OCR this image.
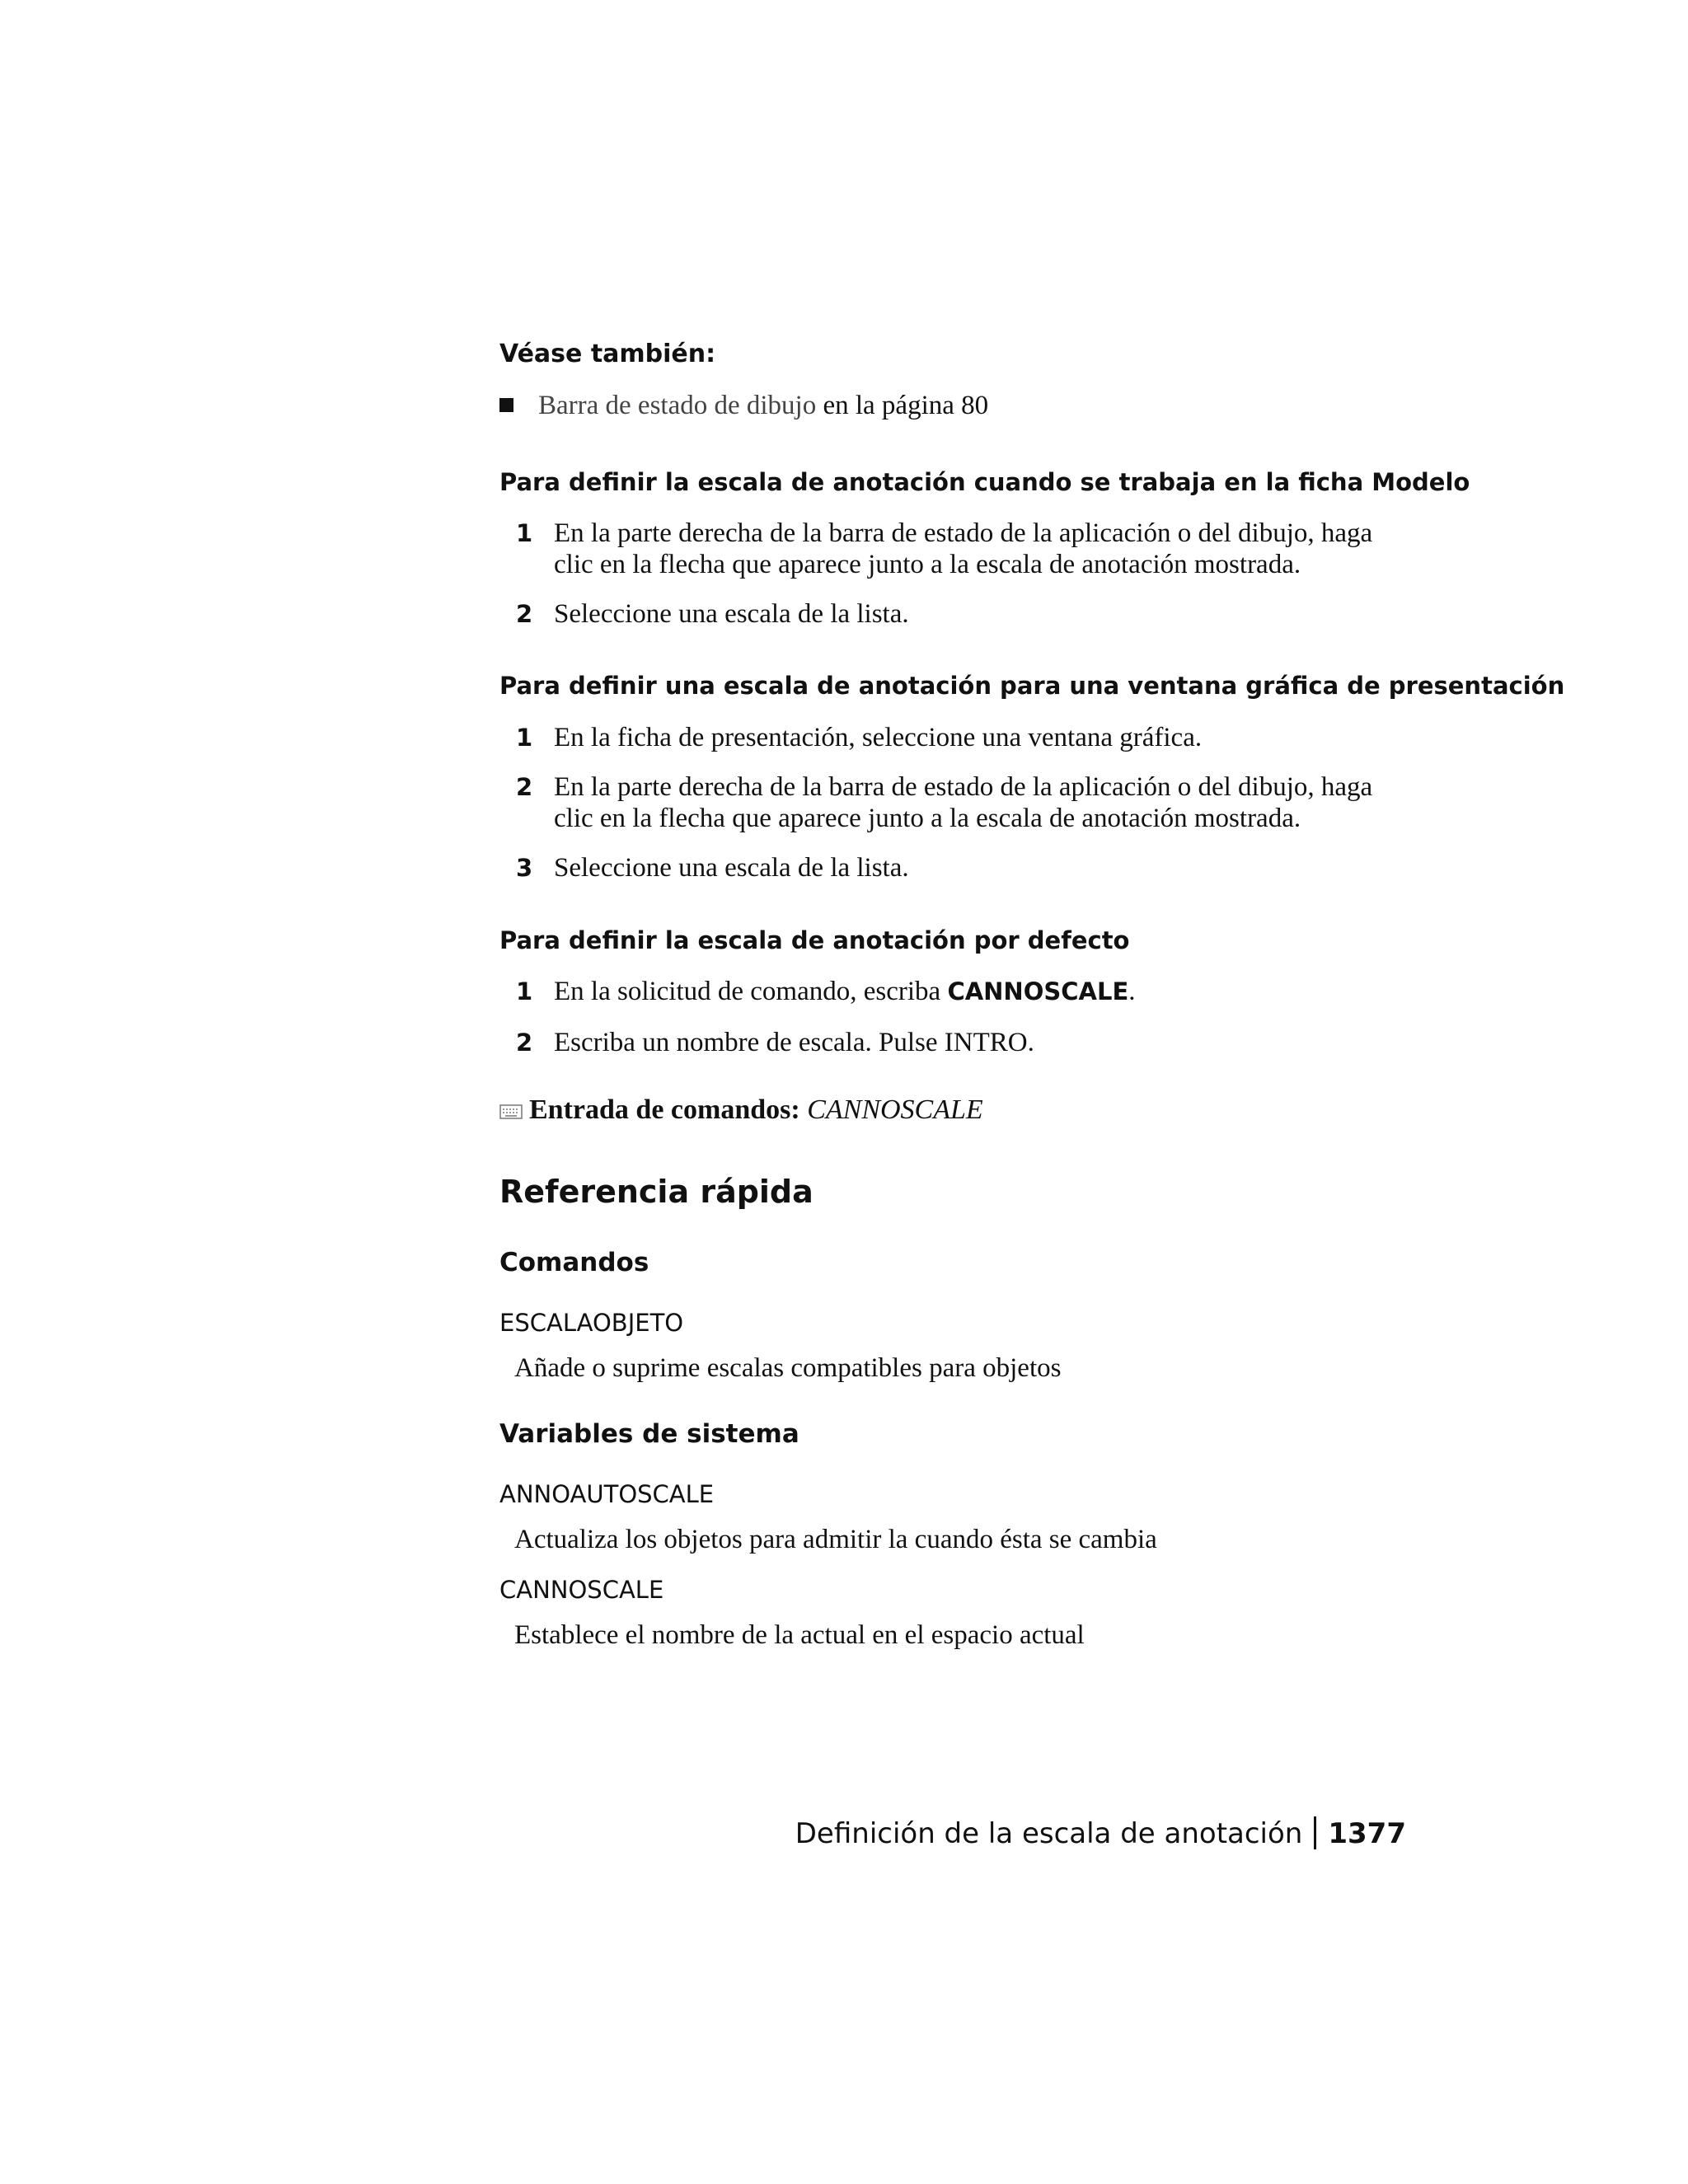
Véase también:
Barra de estado de dibujo en la página 80
Para definir la escala de anotación cuando se trabaja en la ficha Modelo
1 En la parte derecha de la barra de estado de la aplicación o del dibujo, haga clic en la flecha que aparece junto a la escala de anotación mostrada.
2 Seleccione una escala de la lista.
Para definir una escala de anotación para una ventana gráfica de presentación
1 En la ficha de presentación, seleccione una ventana gráfica.
2 En la parte derecha de la barra de estado de la aplicación o del dibujo, haga clic en la flecha que aparece junto a la escala de anotación mostrada.
3 Seleccione una escala de la lista.
Para definir la escala de anotación por defecto
1 En la solicitud de comando, escriba CANNOSCALE.
2 Escriba un nombre de escala. Pulse INTRO.
Entrada de comandos: CANNOSCALE
Referencia rápida
Comandos
ESCALAOBJETO
Añade o suprime escalas compatibles para objetos
Variables de sistema
ANNOAUTOSCALE
Actualiza los objetos para admitir la cuando ésta se cambia
CANNOSCALE
Establece el nombre de la actual en el espacio actual
Definición de la escala de anotación 1377
